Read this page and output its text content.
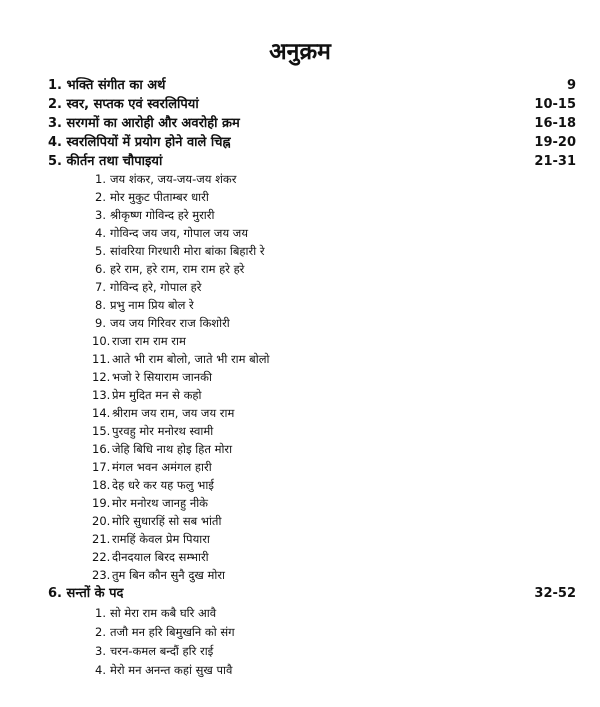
अनुक्रम
1. भक्ति संगीत का अर्थ	9
2. स्वर, सप्तक एवं स्वरलिपियां	10-15
3. सरगमों का आरोही और अवरोही क्रम	16-18
4. स्वरलिपियों में प्रयोग होने वाले चिह्न	19-20
5. कीर्तन तथा चौपाइयां	21-31
1. जय शंकर, जय-जय-जय शंकर
2. मोर मुकुट पीताम्बर धारी
3. श्रीकृष्ण गोविन्द हरे मुरारी
4. गोविन्द जय जय, गोपाल जय जय
5. सांवरिया गिरधारी मोरा बांका बिहारी रे
6. हरे राम, हरे राम, राम राम हरे हरे
7. गोविन्द हरे, गोपाल हरे
8. प्रभु नाम प्रिय बोल रे
9. जय जय गिरिवर राज किशोरी
10. राजा राम राम राम
11. आते भी राम बोलो, जाते भी राम बोलो
12. भजो रे सियाराम जानकी
13. प्रेम मुदित मन से कहो
14. श्रीराम जय राम, जय जय राम
15. पुरवहु मोर मनोरथ स्वामी
16. जेहि बिधि नाथ होइ हित मोरा
17. मंगल भवन अमंगल हारी
18. देह धरे कर यह फलु भाई
19. मोर मनोरथ जानहु नीके
20. मोरि सुधारहिं सो सब भांती
21. रामहिं केवल प्रेम पियारा
22. दीनदयाल बिरद सम्भारी
23. तुम बिन कौन सुनै दुख मोरा
6. सन्तों के पद	32-52
1. सो मेरा राम कबै घरि आवै
2. तजौ मन हरि बिमुखनि को संग
3. चरन-कमल बन्दौं हरि राई
4. मेरो मन अनन्त कहां सुख पावै
